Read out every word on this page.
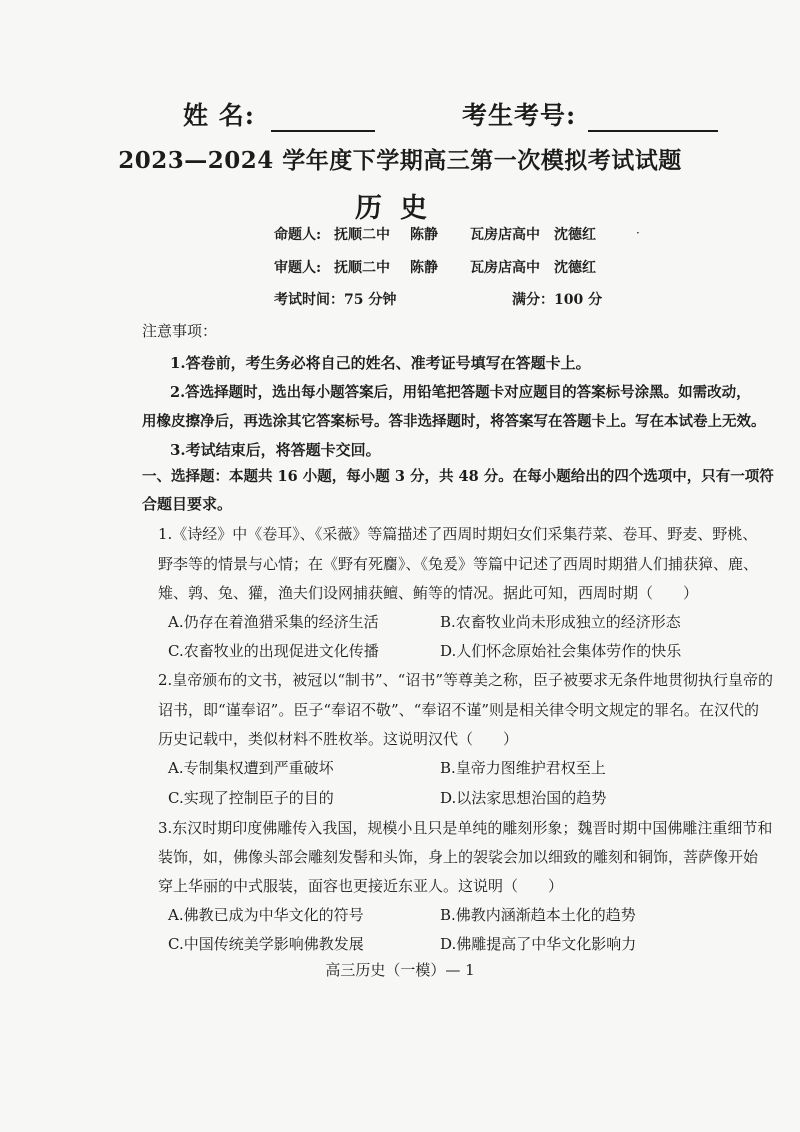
姓 名:	考生考号:
2023—2024 学年度下学期高三第一次模拟考试试题
历史
命题人: 抚顺二中 陈静 瓦房店高中 沈德红	·
审题人: 抚顺二中 陈静 瓦房店高中 沈德红
考试时间：75 分钟	满分：100 分
注意事项：
1.答卷前，考生务必将自己的姓名、准考证号填写在答题卡上。
2.答选择题时，选出每小题答案后，用铅笔把答题卡对应题目的答案标号涂黑。如需改动，
用橡皮擦净后，再选涂其它答案标号。答非选择题时，将答案写在答题卡上。写在本试卷上无效。
3.考试结束后，将答题卡交回。
一、选择题：本题共 16 小题，每小题 3 分，共 48 分。在每小题给出的四个选项中，只有一项符
合题目要求。
1.《诗经》中《卷耳》、《采薇》等篇描述了西周时期妇女们采集荇菜、卷耳、野麦、野桃、
野李等的情景与心情；在《野有死麕》、《兔爰》等篇中记述了西周时期猎人们捕获獐、鹿、
雉、鹑、兔、獾，渔夫们设网捕获鳣、鲔等的情况。据此可知，西周时期（　　）
A.仍存在着渔猎采集的经济生活	B.农畜牧业尚未形成独立的经济形态
C.农畜牧业的出现促进文化传播	D.人们怀念原始社会集体劳作的快乐
2.皇帝颁布的文书，被冠以“制书”、“诏书”等尊美之称，臣子被要求无条件地贯彻执行皇帝的
诏书，即“谨奉诏”。臣子“奉诏不敬”、“奉诏不谨”则是相关律令明文规定的罪名。在汉代的
历史记载中，类似材料不胜枚举。这说明汉代（　　）
A.专制集权遭到严重破坏	B.皇帝力图维护君权至上
C.实现了控制臣子的目的	D.以法家思想治国的趋势
3.东汉时期印度佛雕传入我国，规模小且只是单纯的雕刻形象；魏晋时期中国佛雕注重细节和
装饰，如，佛像头部会雕刻发髻和头饰，身上的袈裟会加以细致的雕刻和铜饰，菩萨像开始
穿上华丽的中式服装，面容也更接近东亚人。这说明（　　）
A.佛教已成为中华文化的符号	B.佛教内涵渐趋本土化的趋势
C.中国传统美学影响佛教发展	D.佛雕提高了中华文化影响力
高三历史（一模）— 1
